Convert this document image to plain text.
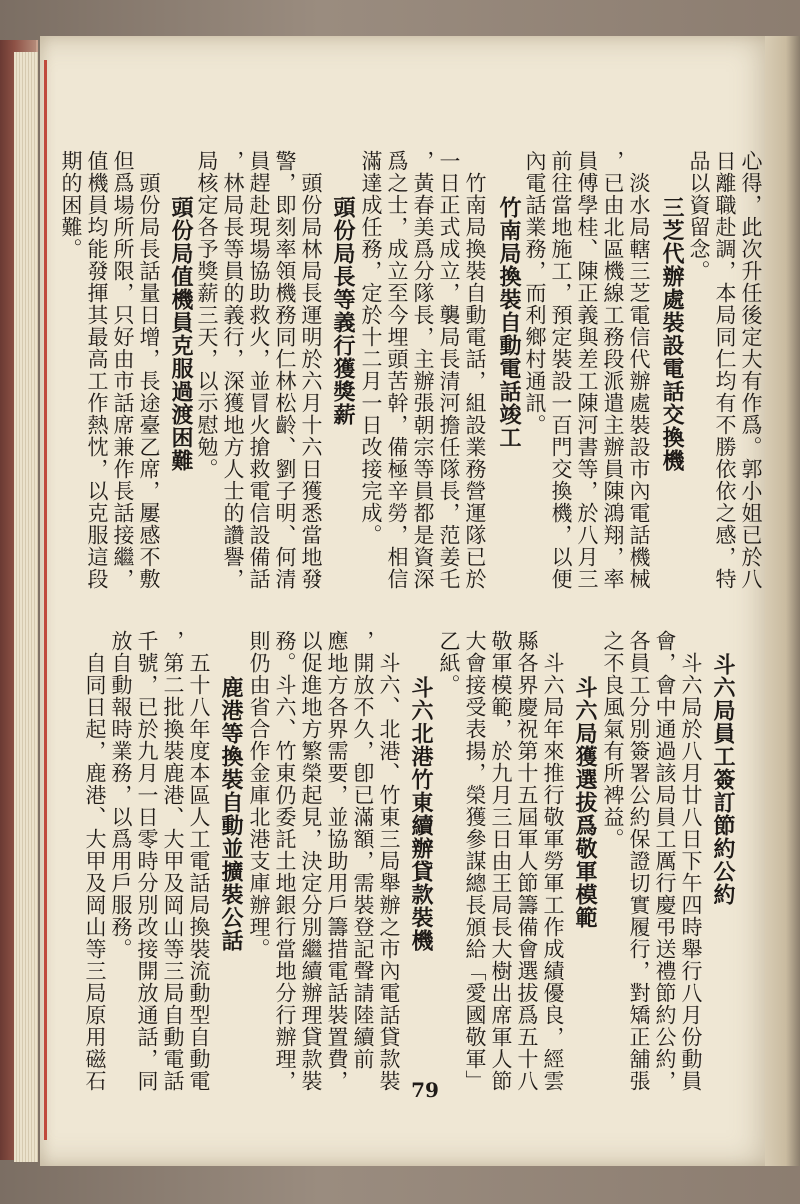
心得，此次升任後定大有作爲。郭小姐已於八
日離職赴調，本局同仁均有不勝依依之感，特
品以資留念。
　　三芝代辦處裝設電話交換機
　淡水局轄三芝電信代辦處裝設市內電話機械
，已由北區機線工務段派遣主辦員陳鴻翔，率
員傅學桂、陳正義與差工陳河書等，於八月三
前往當地施工，預定裝設一百門交換機，以便
內電話業務，而利鄉村通訊。
　　竹南局換裝自動電話竣工
　竹南局換裝自動電話，組設業務營運隊已於
一日正式成立，襲局長清河擔任隊長，范姜乇
，黃春美爲分隊長，主辦張朝宗等員都是資深
爲之士，成立至今埋頭苦幹，備極辛勞，相信
滿達成任務，定於十二月一日改接完成。
　　頭份局長等義行獲獎薪
　頭份局林局長運明於六月十六日獲悉當地發
警，即刻率領機務同仁林松齡、劉子明、何清
員趕赴現場協助救火，並冒火搶救電信設備話
，林局長等員的義行，深獲地方人士的讚譽，
局核定各予獎薪三天，以示慰勉。
　　頭份局值機員克服過渡困難
　頭份局長話量日增，長途臺乙席，屢感不敷
但爲場所所限，只好由市話席兼作長話接繼，
值機員均能發揮其最高工作熱忱，以克服這段
期的困難。
　斗六局員工簽訂節約公約
　斗六局於八月廿八日下午四時舉行八月份動員
會，會中通過該局員工厲行慶弔送禮節約公約，
各員工分別簽署公約保證切實履行，對矯正舖張
之不良風氣有所裨益。
　　斗六局獲選拔爲敬軍模範
　斗六局年來推行敬軍勞軍工作成績優良，經雲
縣各界慶祝第十五屆軍人節籌備會選拔爲五十八
敬軍模範，於九月三日由王局長大樹出席軍人節
大會接受表揚，榮獲參謀總長頒給「愛國敬軍」
乙紙。
　　斗六北港竹東續辦貸款裝機
　斗六、北港、竹東三局舉辦之市內電話貸款裝
，開放不久，卽已滿額，需裝登記聲請陸續前
應地方各界需要，並協助用戶籌措電話裝置費，
以促進地方繁榮起見，決定分別繼續辦理貸款裝
務。斗六、竹東仍委託土地銀行當地分行辦理，
則仍由省合作金庫北港支庫辦理。
　　鹿港等換裝自動並擴裝公話
　五十八年度本區人工電話局換裝流動型自動電
，第二批換裝鹿港、大甲及岡山等三局自動電話
千號，已於九月一日零時分別改接開放通話，同
放自動報時業務，以爲用戶服務。
　自同日起，鹿港、大甲及岡山等三局原用磁石	79
